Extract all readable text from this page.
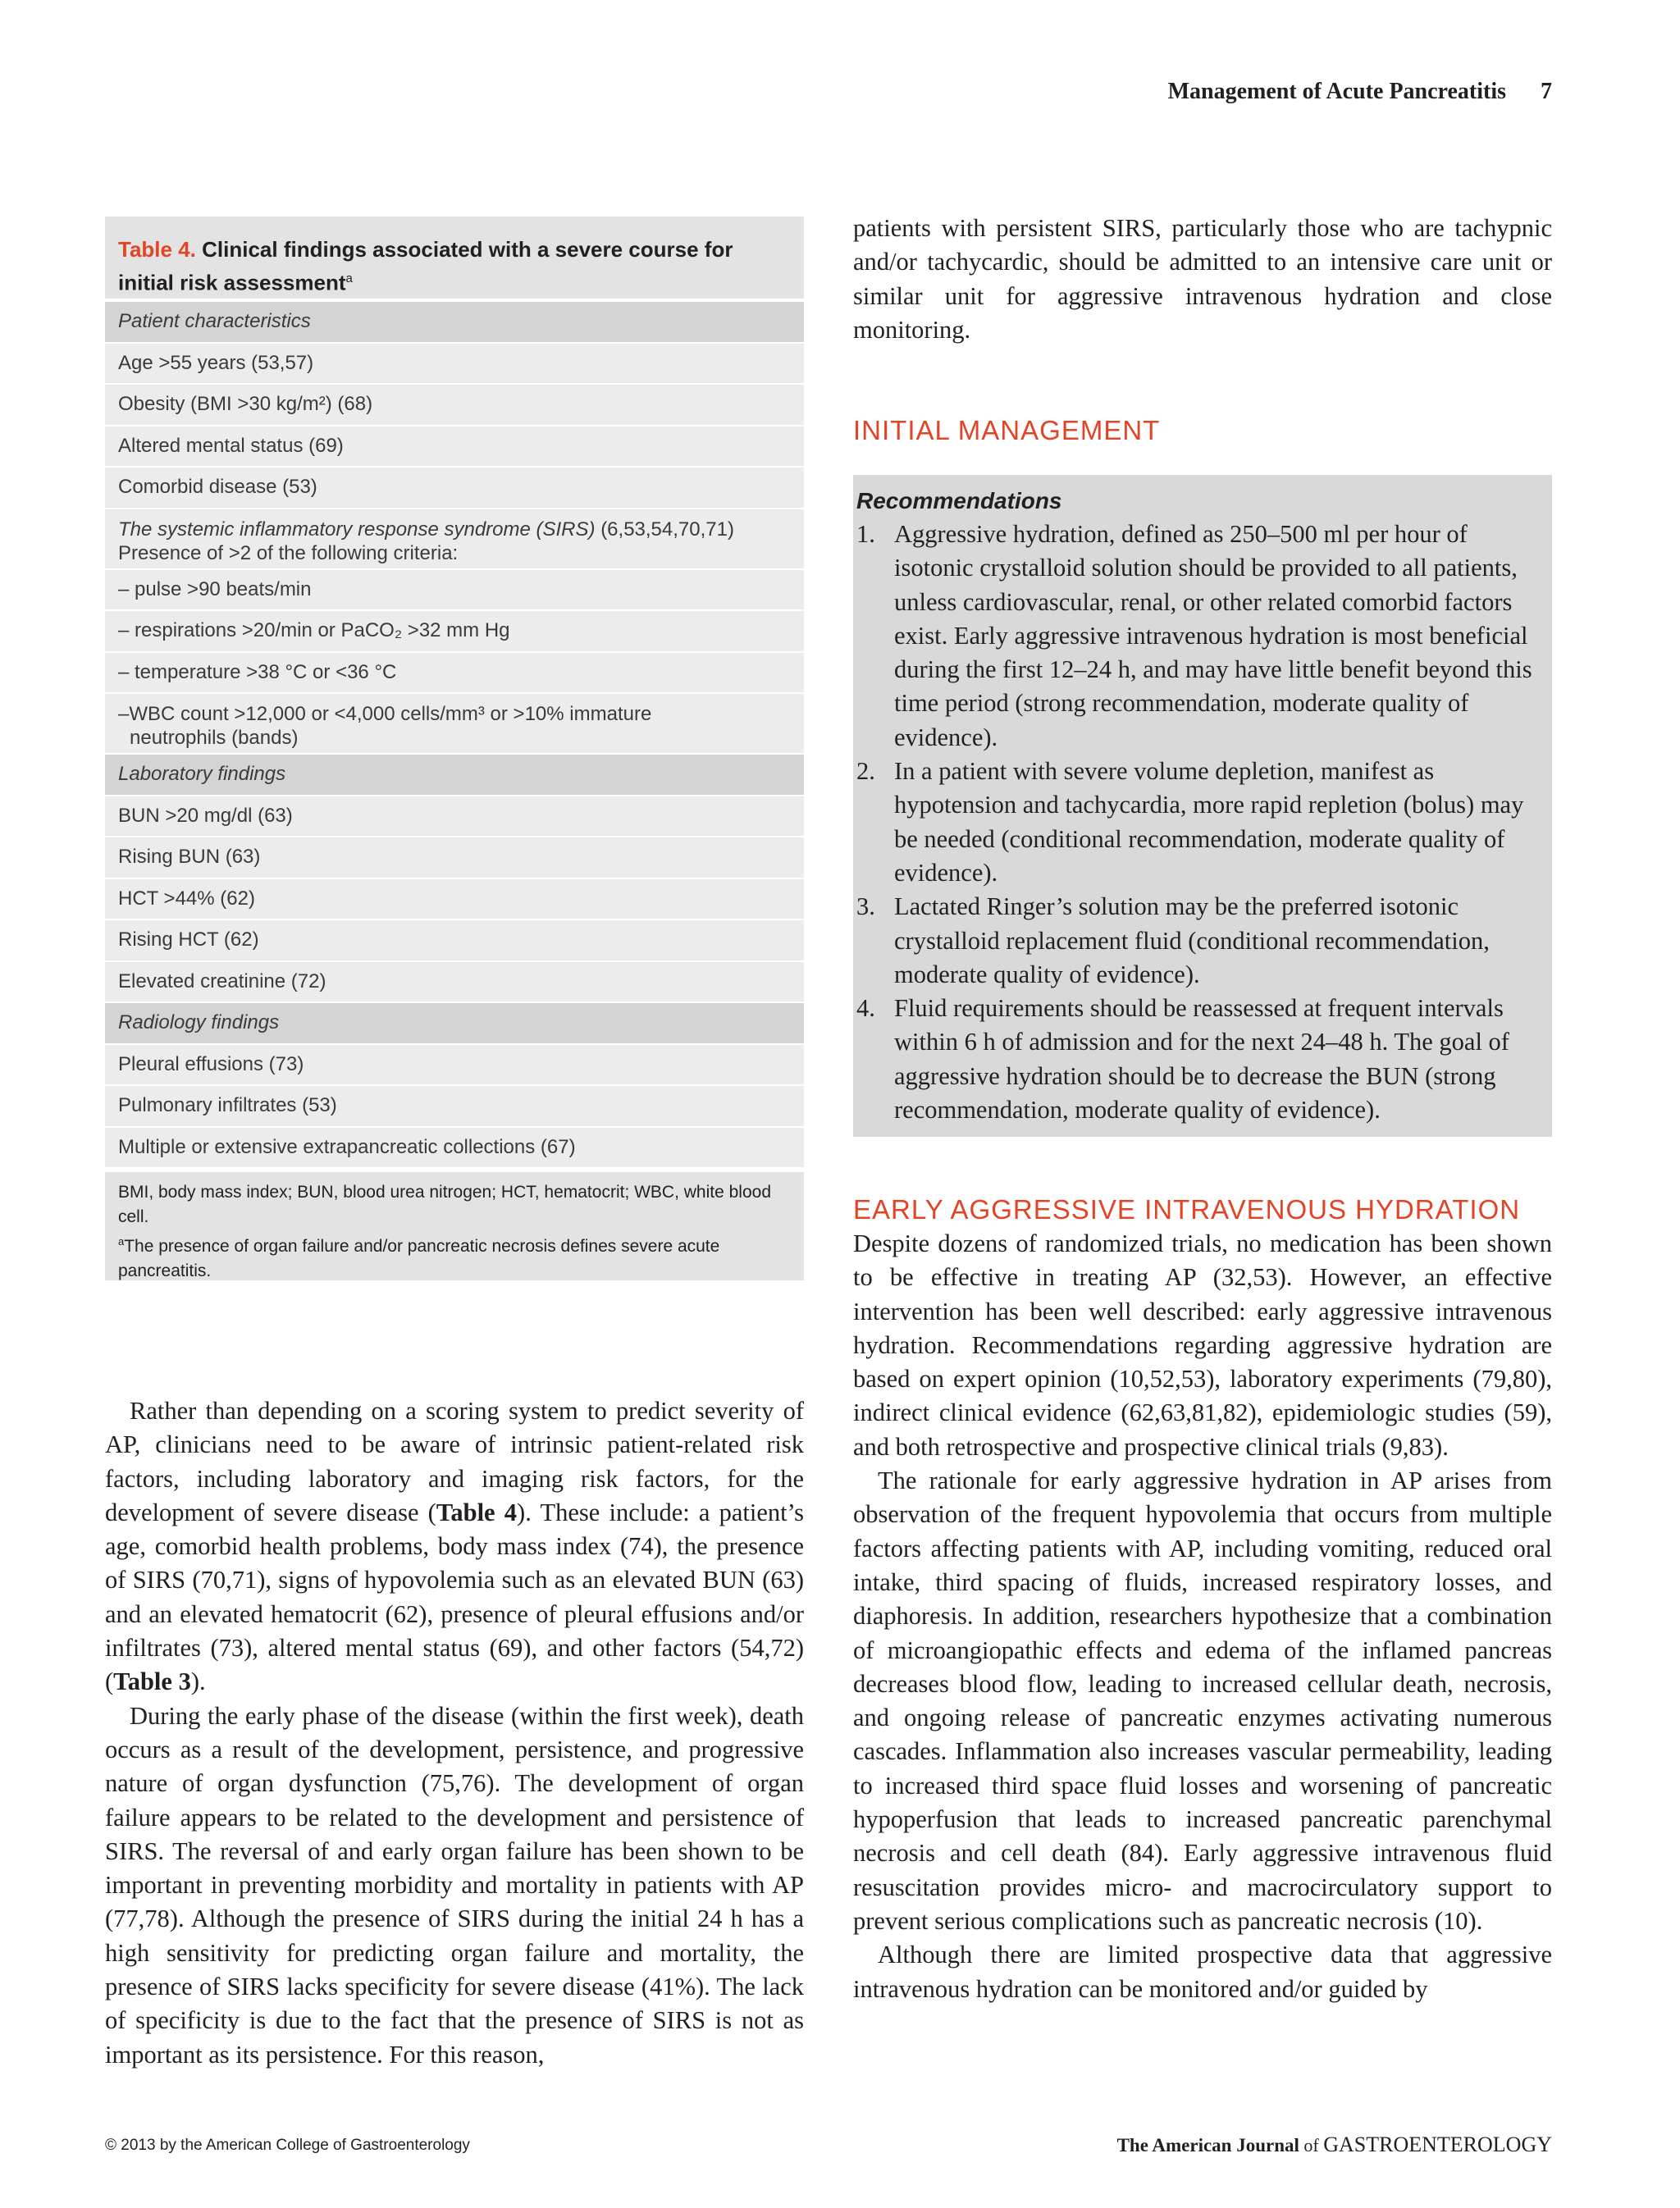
Management of Acute Pancreatitis 7
Table 4. Clinical findings associated with a severe course for initial risk assessment$^a$
Patient characteristics
Age >55 years (53,57)
Obesity (BMI >30 kg/m²) (68)
Altered mental status (69)
Comorbid disease (53)
The systemic inflammatory response syndrome (SIRS) (6,53,54,70,71)
Presence of >2 of the following criteria:
– pulse >90 beats/min
– respirations >20/min or PaCO₂ >32 mm Hg
– temperature >38 °C or <36 °C
–WBC count >12,000 or <4,000 cells/mm³ or >10% immature
neutrophils (bands)
Laboratory findings
BUN >20 mg/dl (63)
Rising BUN (63)
HCT >44% (62)
Rising HCT (62)
Elevated creatinine (72)
Radiology findings
Pleural effusions (73)
Pulmonary infiltrates (53)
Multiple or extensive extrapancreatic collections (67)

BMI, body mass index; BUN, blood urea nitrogen; HCT, hematocrit; WBC, white blood cell.

$^a$The presence of organ failure and/or pancreatic necrosis defines severe acute pancreatitis.

Rather than depending on a scoring system to predict severity of AP, clinicians need to be aware of intrinsic patient-related risk factors, including laboratory and imaging risk factors, for the development of severe disease (Table 4). These include: a patient’s age, comorbid health problems, body mass index (74), the presence of SIRS (70,71), signs of hypovolemia such as an elevated BUN (63) and an elevated hematocrit (62), presence of pleural effusions and/or infiltrates (73), altered mental status (69), and other factors (54,72) (Table 3).

During the early phase of the disease (within the first week), death occurs as a result of the development, persistence, and progressive nature of organ dysfunction (75,76). The development of organ failure appears to be related to the development and persistence of SIRS. The reversal of and early organ failure has been shown to be important in preventing morbidity and mortality in patients with AP (77,78). Although the presence of SIRS during the initial 24 h has a high sensitivity for predicting organ failure and mortality, the presence of SIRS lacks specificity for severe disease (41%). The lack of specificity is due to the fact that the presence of SIRS is not as important as its persistence. For this reason,

patients with persistent SIRS, particularly those who are tachypnic and/or tachycardic, should be admitted to an intensive care unit or similar unit for aggressive intravenous hydration and close monitoring.

INITIAL MANAGEMENT
Recommendations
1. Aggressive hydration, defined as 250–500 ml per hour of isotonic crystalloid solution should be provided to all patients, unless cardiovascular, renal, or other related comorbid factors exist. Early aggressive intravenous hydration is most beneficial during the first 12–24 h, and may have little benefit beyond this time period (strong recommendation, moderate quality of evidence).
2. In a patient with severe volume depletion, manifest as hypotension and tachycardia, more rapid repletion (bolus) may be needed (conditional recommendation, moderate quality of evidence).
3. Lactated Ringer’s solution may be the preferred isotonic crystalloid replacement fluid (conditional recommendation, moderate quality of evidence).
4. Fluid requirements should be reassessed at frequent intervals within 6 h of admission and for the next 24–48 h. The goal of aggressive hydration should be to decrease the BUN (strong recommendation, moderate quality of evidence).
EARLY AGGRESSIVE INTRAVENOUS HYDRATION

Despite dozens of randomized trials, no medication has been shown to be effective in treating AP (32,53). However, an effective intervention has been well described: early aggressive intravenous hydration. Recommendations regarding aggressive hydration are based on expert opinion (10,52,53), laboratory experiments (79,80), indirect clinical evidence (62,63,81,82), epidemiologic studies (59), and both retrospective and prospective clinical trials (9,83).

The rationale for early aggressive hydration in AP arises from observation of the frequent hypovolemia that occurs from multiple factors affecting patients with AP, including vomiting, reduced oral intake, third spacing of fluids, increased respiratory losses, and diaphoresis. In addition, researchers hypothesize that a combination of microangiopathic effects and edema of the inflamed pancreas decreases blood flow, leading to increased cellular death, necrosis, and ongoing release of pancreatic enzymes activating numerous cascades. Inflammation also increases vascular permeability, leading to increased third space fluid losses and worsening of pancreatic hypoperfusion that leads to increased pancreatic parenchymal necrosis and cell death (84). Early aggressive intravenous fluid resuscitation provides micro- and macrocirculatory support to prevent serious complications such as pancreatic necrosis (10).

Although there are limited prospective data that aggressive intravenous hydration can be monitored and/or guided by

© 2013 by the American College of Gastroenterology	The American Journal of GASTROENTEROLOGY
